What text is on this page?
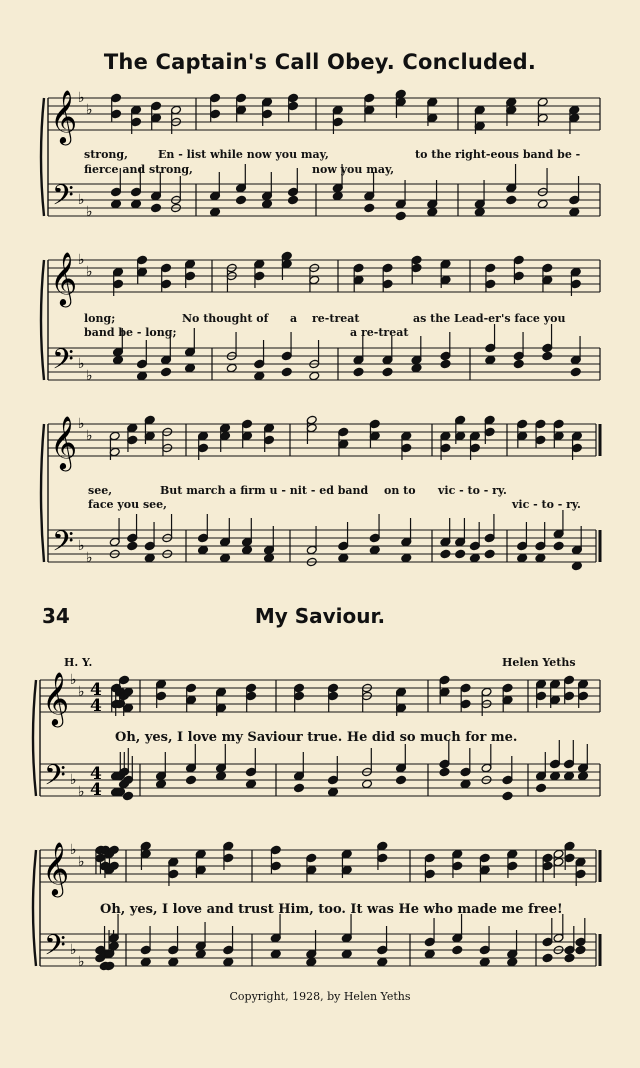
The Captain's Call Obey. Concluded.
𝄞
𝄢
♭
♭
♭
♭
𝄞
𝄢
♭
♭
♭
♭
𝄞
𝄢
♭
♭
♭
♭
𝄞
𝄢
♭
♭
♭
♭
4
4
4
4
𝄞
𝄢
♭
♭
♭
♭
strong,	En - list while now you may,	to the right-eous band be -
fierce and strong,	now you may,
long;	No thought of a re-treat	as the Lead-er's face you
band be - long;	a re-treat
see,	But march a firm u - nit - ed band on to vic - to - ry.
face you see,	vic - to - ry.
34	My Saviour.
H. Y.	Helen Yeths
Oh, yes, I love my Saviour true. He did so much for me.
Oh, yes, I love and trust Him, too. It was He who made me free!
Copyright, 1928, by Helen Yeths
